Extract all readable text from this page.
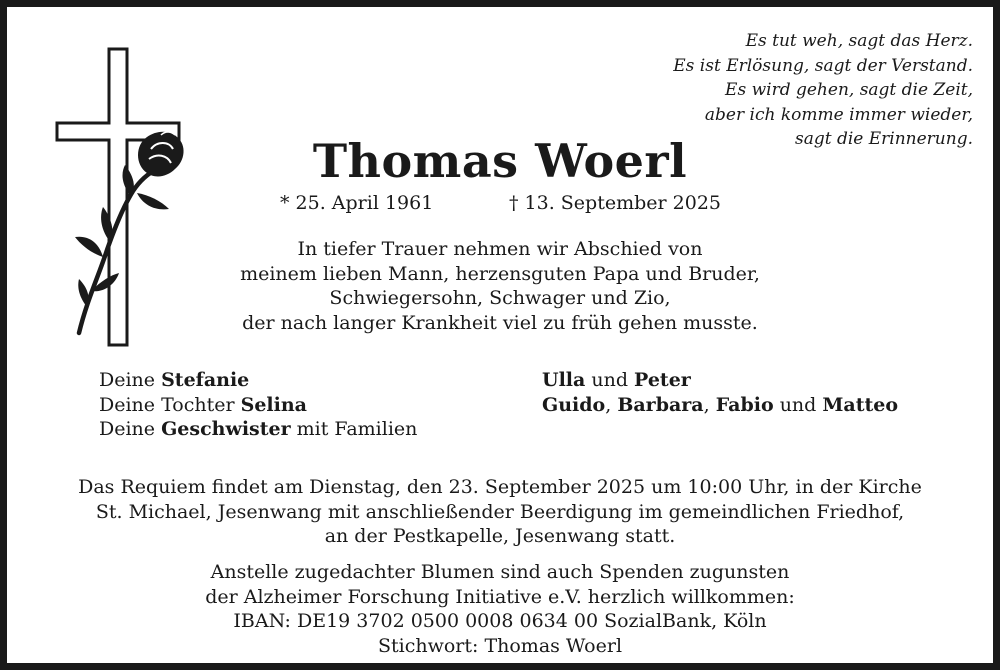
Es tut weh, sagt das Herz.
Es ist Erlösung, sagt der Verstand.
Es wird gehen, sagt die Zeit,
aber ich komme immer wieder,
sagt die Erinnerung.
Thomas Woerl
* 25. April 1961	† 13. September 2025
In tiefer Trauer nehmen wir Abschied von
meinem lieben Mann, herzensguten Papa und Bruder,
Schwiegersohn, Schwager und Zio,
der nach langer Krankheit viel zu früh gehen musste.
Deine Stefanie
Deine Tochter Selina
Deine Geschwister mit Familien
Ulla und Peter
Guido, Barbara, Fabio und Matteo
Das Requiem findet am Dienstag, den 23. September 2025 um 10:00 Uhr, in der Kirche
St. Michael, Jesenwang mit anschließender Beerdigung im gemeindlichen Friedhof,
an der Pestkapelle, Jesenwang statt.
Anstelle zugedachter Blumen sind auch Spenden zugunsten
der Alzheimer Forschung Initiative e.V. herzlich willkommen:
IBAN: DE19 3702 0500 0008 0634 00 SozialBank, Köln
Stichwort: Thomas Woerl
